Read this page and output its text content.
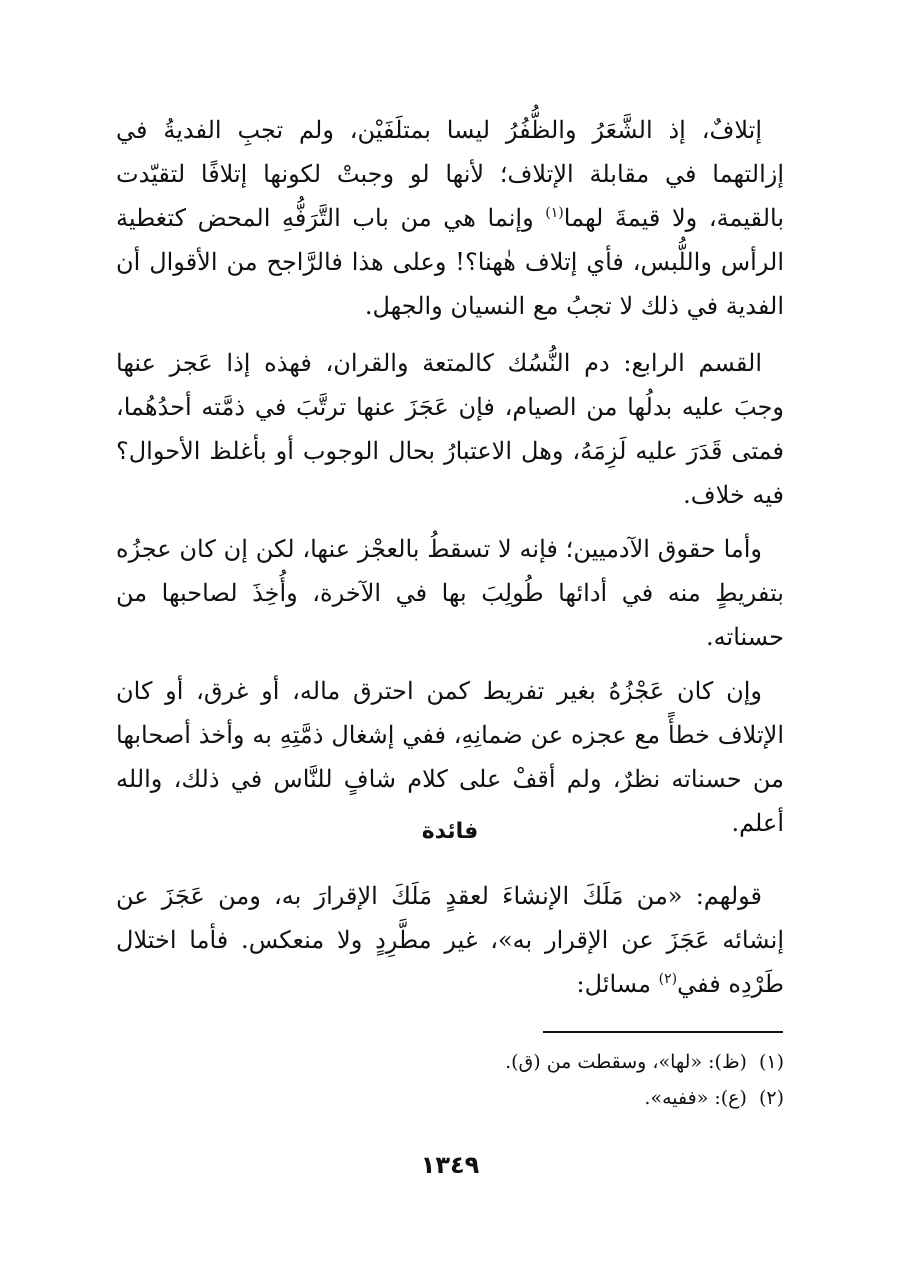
إتلافٌ، إذ الشَّعَرُ والظُّفُرُ ليسا بمتلَفَيْن، ولم تجبِ الفديةُ في إزالتهما في مقابلة الإتلاف؛ لأنها لو وجبتْ لكونها إتلافًا لتقيّدت بالقيمة، ولا قيمةَ لهما$^{(١)}$ وإنما هي من باب التَّرَفُّهِ المحض كتغطية الرأس واللُّبس، فأي إتلاف هٰهنا؟! وعلى هذا فالرَّاجح من الأقوال أن الفدية في ذلك لا تجبُ مع النسيان والجهل.

القسم الرابع: دم النُّسُك كالمتعة والقران، فهذه إذا عَجز عنها وجبَ عليه بدلُها من الصيام، فإن عَجَزَ عنها ترتَّبَ في ذمَّته أحدُهُما، فمتى قَدَرَ عليه لَزِمَهُ، وهل الاعتبارُ بحال الوجوب أو بأغلظ الأحوال؟ فيه خلاف.

وأما حقوق الآدميين؛ فإنه لا تسقطُ بالعجْز عنها، لكن إن كان عجزُه بتفريطٍ منه في أدائها طُولِبَ بها في الآخرة، وأُخِذَ لصاحبها من حسناته.

وإن كان عَجْزُهُ بغير تفريط كمن احترق ماله، أو غرق، أو كان الإتلاف خطأً مع عجزه عن ضمانِهِ، ففي إشغال ذمَّتِهِ به وأخذ أصحابها من حسناته نظرٌ، ولم أقفْ على كلام شافٍ للنَّاس في ذلك، والله أعلم.

فائدة

قولهم: «من مَلَكَ الإنشاءَ لعقدٍ مَلَكَ الإقرارَ به، ومن عَجَزَ عن إنشائه عَجَزَ عن الإقرار به»، غير مطَّرِدٍ ولا منعكس. فأما اختلال طَرْدِه ففي$^{(٢)}$ مسائل:

(١)(ظ): «لها»، وسقطت من (ق).

(٢)(ع): «ففيه».

١٣٤٩
